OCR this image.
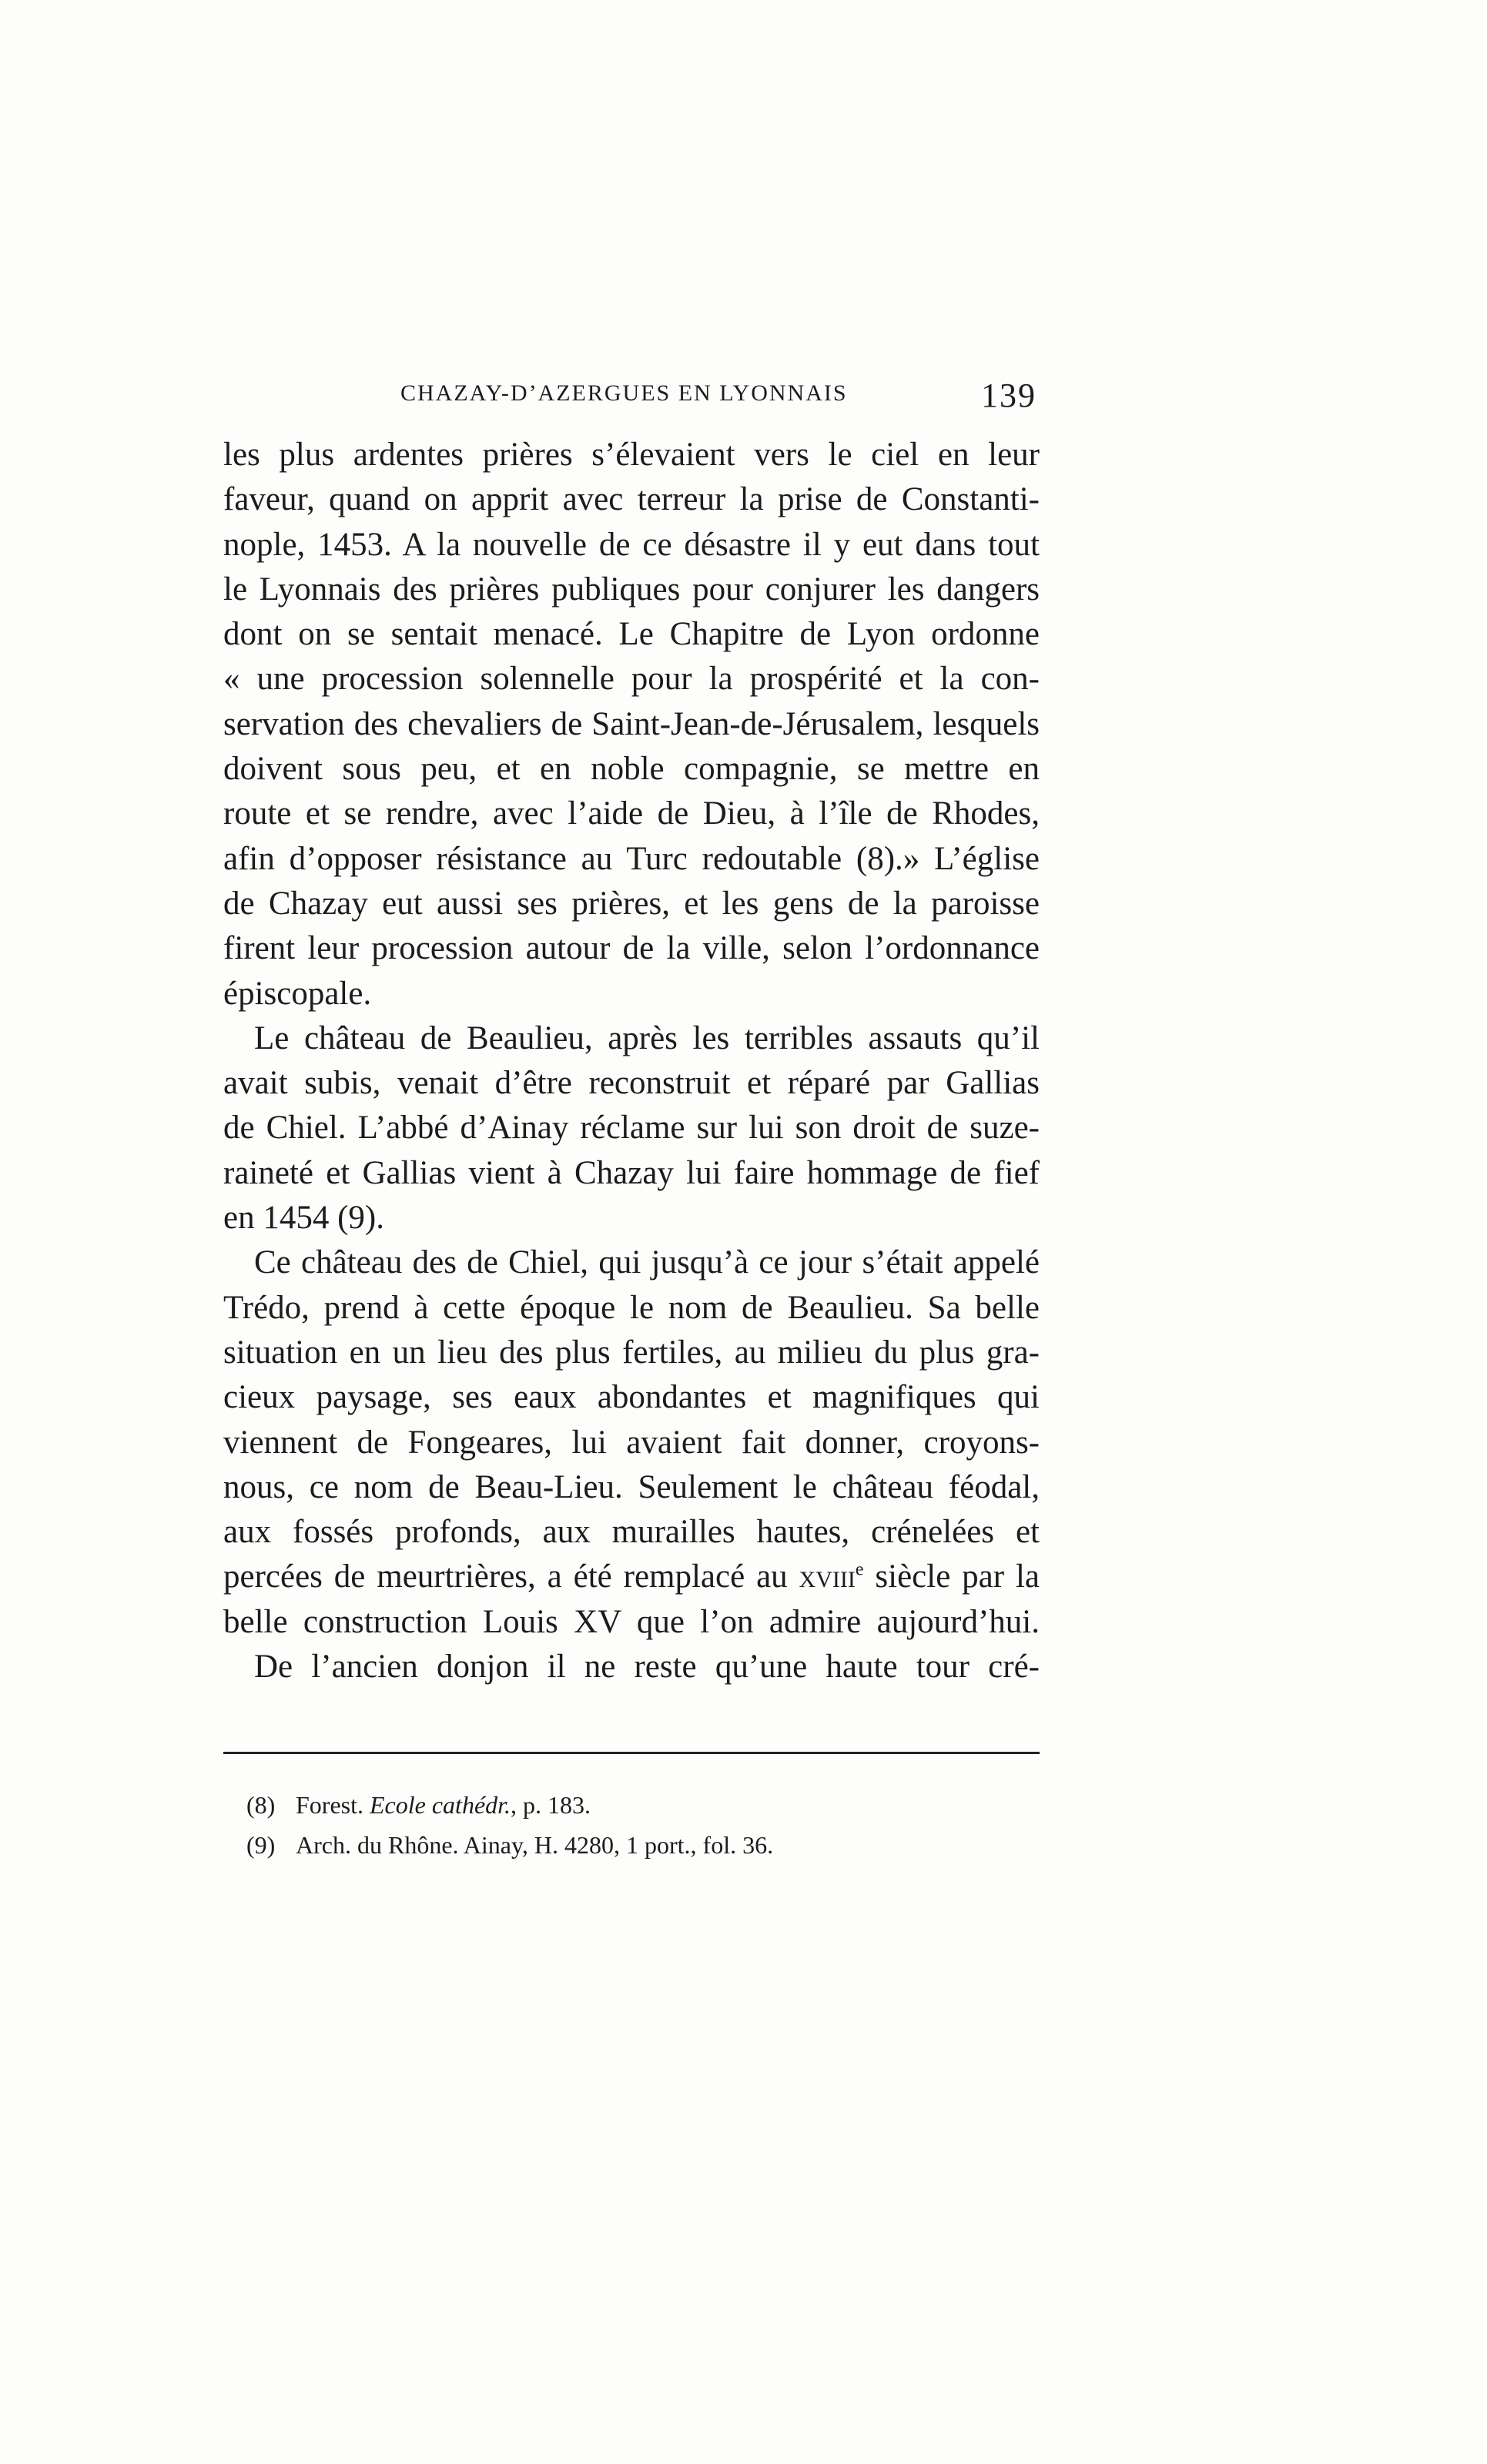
CHAZAY-D’AZERGUES EN LYONNAIS	139
les plus ardentes prières s’élevaient vers le ciel en leur
faveur, quand on apprit avec terreur la prise de Constanti-
nople, 1453. A la nouvelle de ce désastre il y eut dans tout
le Lyonnais des prières publiques pour conjurer les dangers
dont on se sentait menacé. Le Chapitre de Lyon ordonne
« une procession solennelle pour la prospérité et la con-
servation des chevaliers de Saint-Jean-de-Jérusalem, lesquels
doivent sous peu, et en noble compagnie, se mettre en
route et se rendre, avec l’aide de Dieu, à l’île de Rhodes,
afin d’opposer résistance au Turc redoutable (8).» L’église
de Chazay eut aussi ses prières, et les gens de la paroisse
firent leur procession autour de la ville, selon l’ordonnance
épiscopale.
Le château de Beaulieu, après les terribles assauts qu’il
avait subis, venait d’être reconstruit et réparé par Gallias
de Chiel. L’abbé d’Ainay réclame sur lui son droit de suze-
raineté et Gallias vient à Chazay lui faire hommage de fief
en 1454 (9).
Ce château des de Chiel, qui jusqu’à ce jour s’était appelé
Trédo, prend à cette époque le nom de Beaulieu. Sa belle
situation en un lieu des plus fertiles, au milieu du plus gra-
cieux paysage, ses eaux abondantes et magnifiques qui
viennent de Fongeares, lui avaient fait donner, croyons-
nous, ce nom de Beau-Lieu. Seulement le château féodal,
aux fossés profonds, aux murailles hautes, crénelées et
percées de meurtrières, a été remplacé au xviii$^e$ siècle par la
belle construction Louis XV que l’on admire aujourd’hui.
De l’ancien donjon il ne reste qu’une haute tour cré-
(8) Forest. Ecole cathédr., p. 183.
(9) Arch. du Rhône. Ainay, H. 4280, 1 port., fol. 36.
